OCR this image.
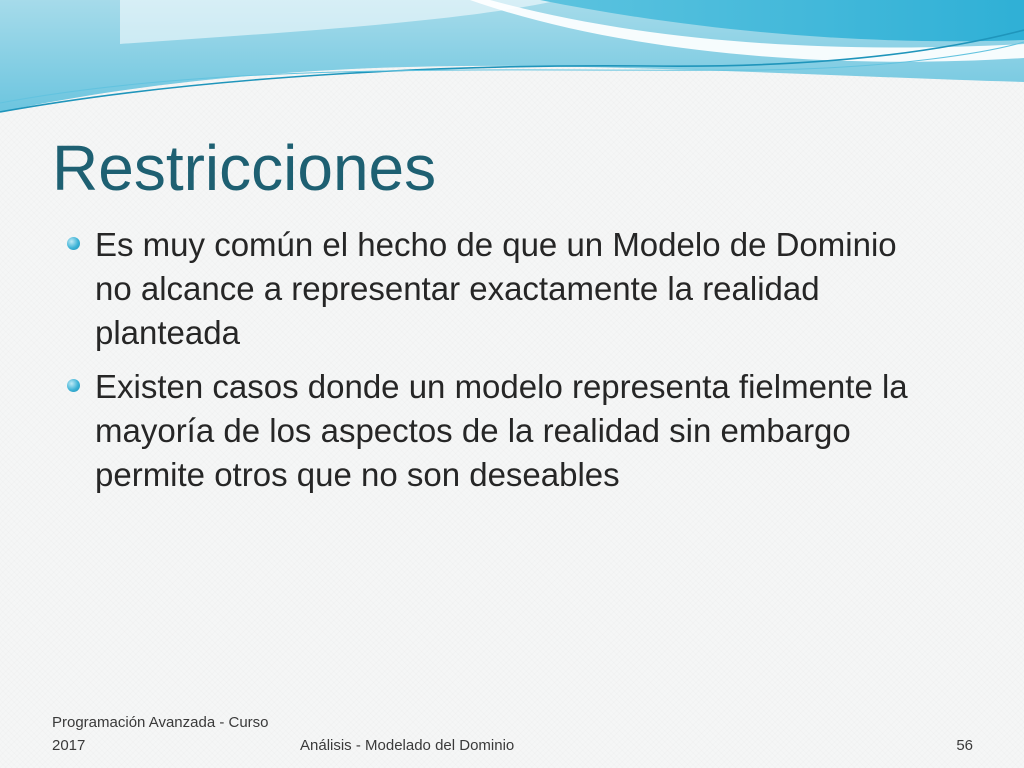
Restricciones
Es muy común el hecho de que un Modelo de Dominio
no alcance a representar exactamente la realidad
planteada
Existen casos donde un modelo representa fielmente la
mayoría de los aspectos de la realidad sin embargo
permite otros que no son deseables
Programación Avanzada - Curso 2017	Análisis - Modelado del Dominio	56
